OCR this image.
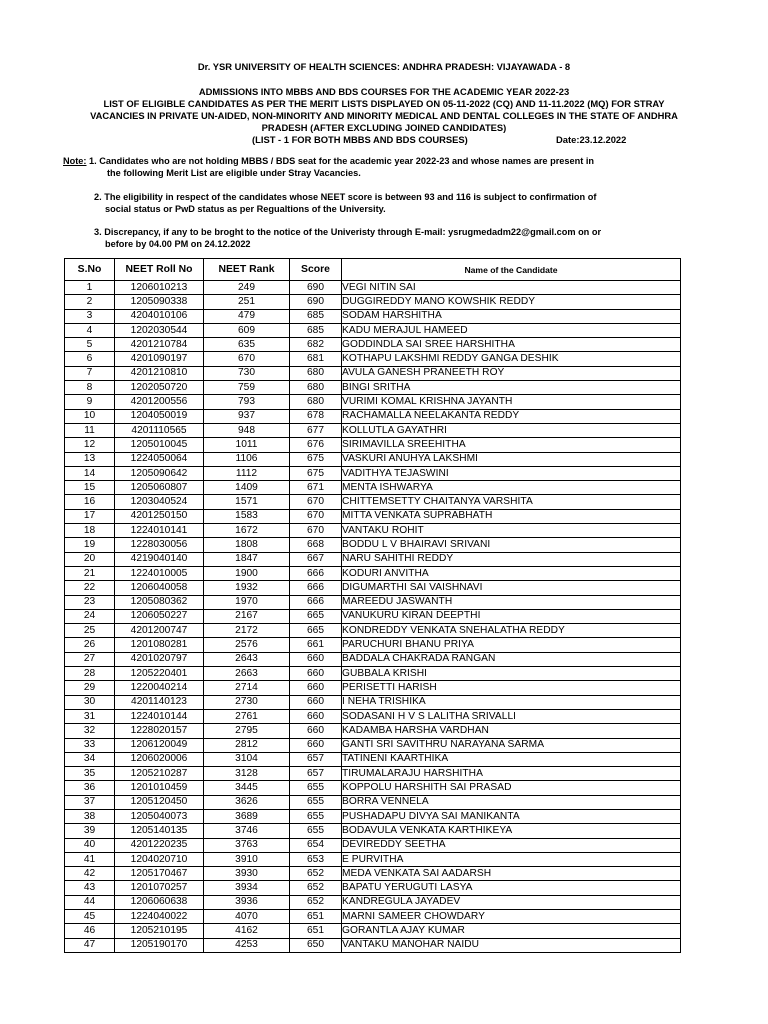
Dr. YSR UNIVERSITY OF HEALTH SCIENCES: ANDHRA PRADESH: VIJAYAWADA - 8
ADMISSIONS INTO MBBS AND BDS COURSES FOR THE ACADEMIC YEAR 2022-23
LIST OF ELIGIBLE CANDIDATES AS PER THE MERIT LISTS DISPLAYED ON 05-11-2022 (CQ) AND 11-11.2022 (MQ) FOR STRAY
VACANCIES IN PRIVATE UN-AIDED, NON-MINORITY AND MINORITY MEDICAL AND DENTAL COLLEGES IN THE STATE OF ANDHRA
PRADESH (AFTER EXCLUDING JOINED CANDIDATES)
(LIST - 1 FOR BOTH MBBS AND BDS COURSES)	Date:23.12.2022

Note: 1. Candidates who are not holding MBBS / BDS seat for the academic year 2022-23 and whose names are present in
the following Merit List are eligible under Stray Vacancies.
2. The eligibility in respect of the candidates whose NEET score is between 93 and 116 is subject to confirmation of
social status or PwD status as per Regualtions of the University.
3. Discrepancy, if any to be broght to the notice of the Univeristy through E-mail: ysrugmedadm22@gmail.com on or
before by 04.00 PM on 24.12.2022
S.No	NEET Roll No	NEET Rank	Score	Name of the Candidate
1	1206010213	249	690	VEGI NITIN SAI
2	1205090338	251	690	DUGGIREDDY MANO KOWSHIK REDDY
3	4204010106	479	685	SODAM HARSHITHA
4	1202030544	609	685	KADU MERAJUL HAMEED
5	4201210784	635	682	GODDINDLA SAI SREE HARSHITHA
6	4201090197	670	681	KOTHAPU LAKSHMI REDDY GANGA DESHIK
7	4201210810	730	680	AVULA GANESH PRANEETH ROY
8	1202050720	759	680	BINGI SRITHA
9	4201200556	793	680	VURIMI KOMAL KRISHNA JAYANTH
10	1204050019	937	678	RACHAMALLA NEELAKANTA REDDY
11	4201110565	948	677	KOLLUTLA GAYATHRI
12	1205010045	1011	676	SIRIMAVILLA SREEHITHA
13	1224050064	1106	675	VASKURI ANUHYA LAKSHMI
14	1205090642	1112	675	VADITHYA TEJASWINI
15	1205060807	1409	671	MENTA ISHWARYA
16	1203040524	1571	670	CHITTEMSETTY CHAITANYA VARSHITA
17	4201250150	1583	670	MITTA VENKATA SUPRABHATH
18	1224010141	1672	670	VANTAKU ROHIT
19	1228030056	1808	668	BODDU L V BHAIRAVI SRIVANI
20	4219040140	1847	667	NARU SAHITHI REDDY
21	1224010005	1900	666	KODURI ANVITHA
22	1206040058	1932	666	DIGUMARTHI SAI VAISHNAVI
23	1205080362	1970	666	MAREEDU JASWANTH
24	1206050227	2167	665	VANUKURU KIRAN DEEPTHI
25	4201200747	2172	665	KONDREDDY VENKATA SNEHALATHA REDDY
26	1201080281	2576	661	PARUCHURI BHANU PRIYA
27	4201020797	2643	660	BADDALA CHAKRADA RANGAN
28	1205220401	2663	660	GUBBALA KRISHI
29	1220040214	2714	660	PERISETTI HARISH
30	4201140123	2730	660	I NEHA TRISHIKA
31	1224010144	2761	660	SODASANI H V S LALITHA SRIVALLI
32	1228020157	2795	660	KADAMBA HARSHA VARDHAN
33	1206120049	2812	660	GANTI SRI SAVITHRU NARAYANA SARMA
34	1206020006	3104	657	TATINENI KAARTHIKA
35	1205210287	3128	657	TIRUMALARAJU HARSHITHA
36	1201010459	3445	655	KOPPOLU HARSHITH SAI PRASAD
37	1205120450	3626	655	BORRA VENNELA
38	1205040073	3689	655	PUSHADAPU DIVYA SAI MANIKANTA
39	1205140135	3746	655	BODAVULA VENKATA KARTHIKEYA
40	4201220235	3763	654	DEVIREDDY SEETHA
41	1204020710	3910	653	E PURVITHA
42	1205170467	3930	652	MEDA VENKATA SAI AADARSH
43	1201070257	3934	652	BAPATU YERUGUTI LASYA
44	1206060638	3936	652	KANDREGULA JAYADEV
45	1224040022	4070	651	MARNI SAMEER CHOWDARY
46	1205210195	4162	651	GORANTLA AJAY KUMAR
47	1205190170	4253	650	VANTAKU MANOHAR NAIDU
